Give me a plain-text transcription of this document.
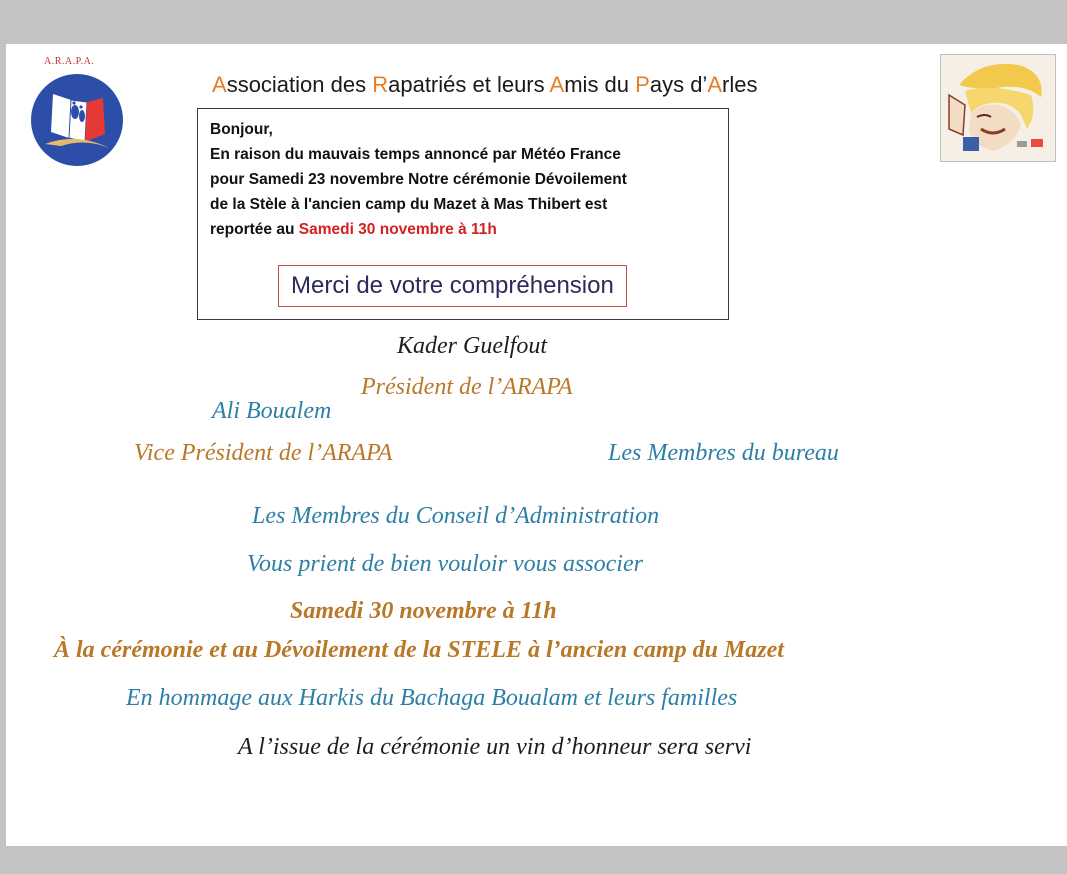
A.R.A.P.A.
Association des Rapatriés et leurs Amis du Pays d’Arles
Bonjour,
En raison du mauvais temps annoncé par Météo France
pour Samedi 23 novembre Notre cérémonie Dévoilement
de la Stèle à l'ancien camp du Mazet à Mas Thibert est
reportée au Samedi 30 novembre à 11h
Merci de votre compréhension
Kader Guelfout
Président de l’ARAPA
Ali Boualem
Vice Président de l’ARAPA	Les Membres du bureau
Les Membres du Conseil d’Administration
Vous prient de bien vouloir vous associer
Samedi 30 novembre à 11h
À la cérémonie et au Dévoilement de la STELE à l’ancien camp du Mazet
En hommage aux Harkis du Bachaga Boualam et leurs familles
A l’issue de la cérémonie un vin d’honneur sera servi
